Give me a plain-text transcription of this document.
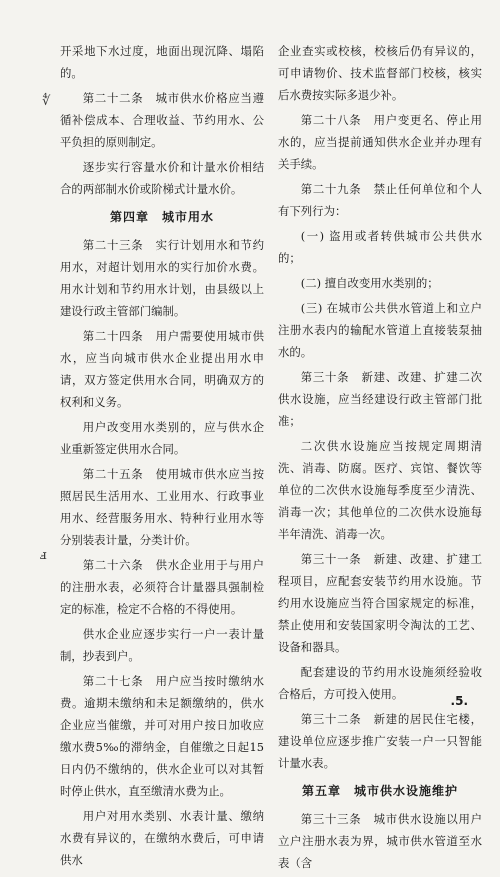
∜
ⅎ

开采地下水过度，地面出现沉降、塌陷的。

第二十二条　城市供水价格应当遵循补偿成本、合理收益、节约用水、公平负担的原则制定。

逐步实行容量水价和计量水价相结合的两部制水价或阶梯式计量水价。

第四章　城市用水

第二十三条　实行计划用水和节约用水，对超计划用水的实行加价水费。用水计划和节约用水计划，由县级以上建设行政主管部门编制。

第二十四条　用户需要使用城市供水，应当向城市供水企业提出用水申请，双方签定供用水合同，明确双方的权利和义务。

用户改变用水类别的，应与供水企业重新签定供用水合同。

第二十五条　使用城市供水应当按照居民生活用水、工业用水、行政事业用水、经营服务用水、特种行业用水等分别装表计量，分类计价。

第二十六条　供水企业用于与用户的注册水表，必须符合计量器具强制检定的标准，检定不合格的不得使用。

供水企业应逐步实行一户一表计量制，抄表到户。

第二十七条　用户应当按时缴纳水费。逾期未缴纳和未足额缴纳的，供水企业应当催缴，并可对用户按日加收应缴水费5‰的滞纳金，自催缴之日起15日内仍不缴纳的，供水企业可以对其暂时停止供水，直至缴清水费为止。

用户对用水类别、水表计量、缴纳水费有异议的，在缴纳水费后，可申请供水

企业查实或校核，校核后仍有异议的，可申请物价、技术监督部门校核，核实后水费按实际多退少补。

第二十八条　用户变更名、停止用水的，应当提前通知供水企业并办理有关手续。

第二十九条　禁止任何单位和个人有下列行为：

(一) 盗用或者转供城市公共供水的；

(二) 擅自改变用水类别的；

(三) 在城市公共供水管道上和立户注册水表内的输配水管道上直接装泵抽水的。

第三十条　新建、改建、扩建二次供水设施，应当经建设行政主管部门批准；

二次供水设施应当按规定周期清洗、消毒、防腐。医疗、宾馆、餐饮等单位的二次供水设施每季度至少清洗、消毒一次；其他单位的二次供水设施每半年清洗、消毒一次。

第三十一条　新建、改建、扩建工程项目，应配套安装节约用水设施。节约用水设施应当符合国家规定的标准，禁止使用和安装国家明令淘汰的工艺、设备和器具。

配套建设的节约用水设施须经验收合格后，方可投入使用。

第三十二条　新建的居民住宅楼，建设单位应逐步推广安装一户一只智能计量水表。

第五章　城市供水设施维护

第三十三条　城市供水设施以用户立户注册水表为界，城市供水管道至水表（含

.5.
